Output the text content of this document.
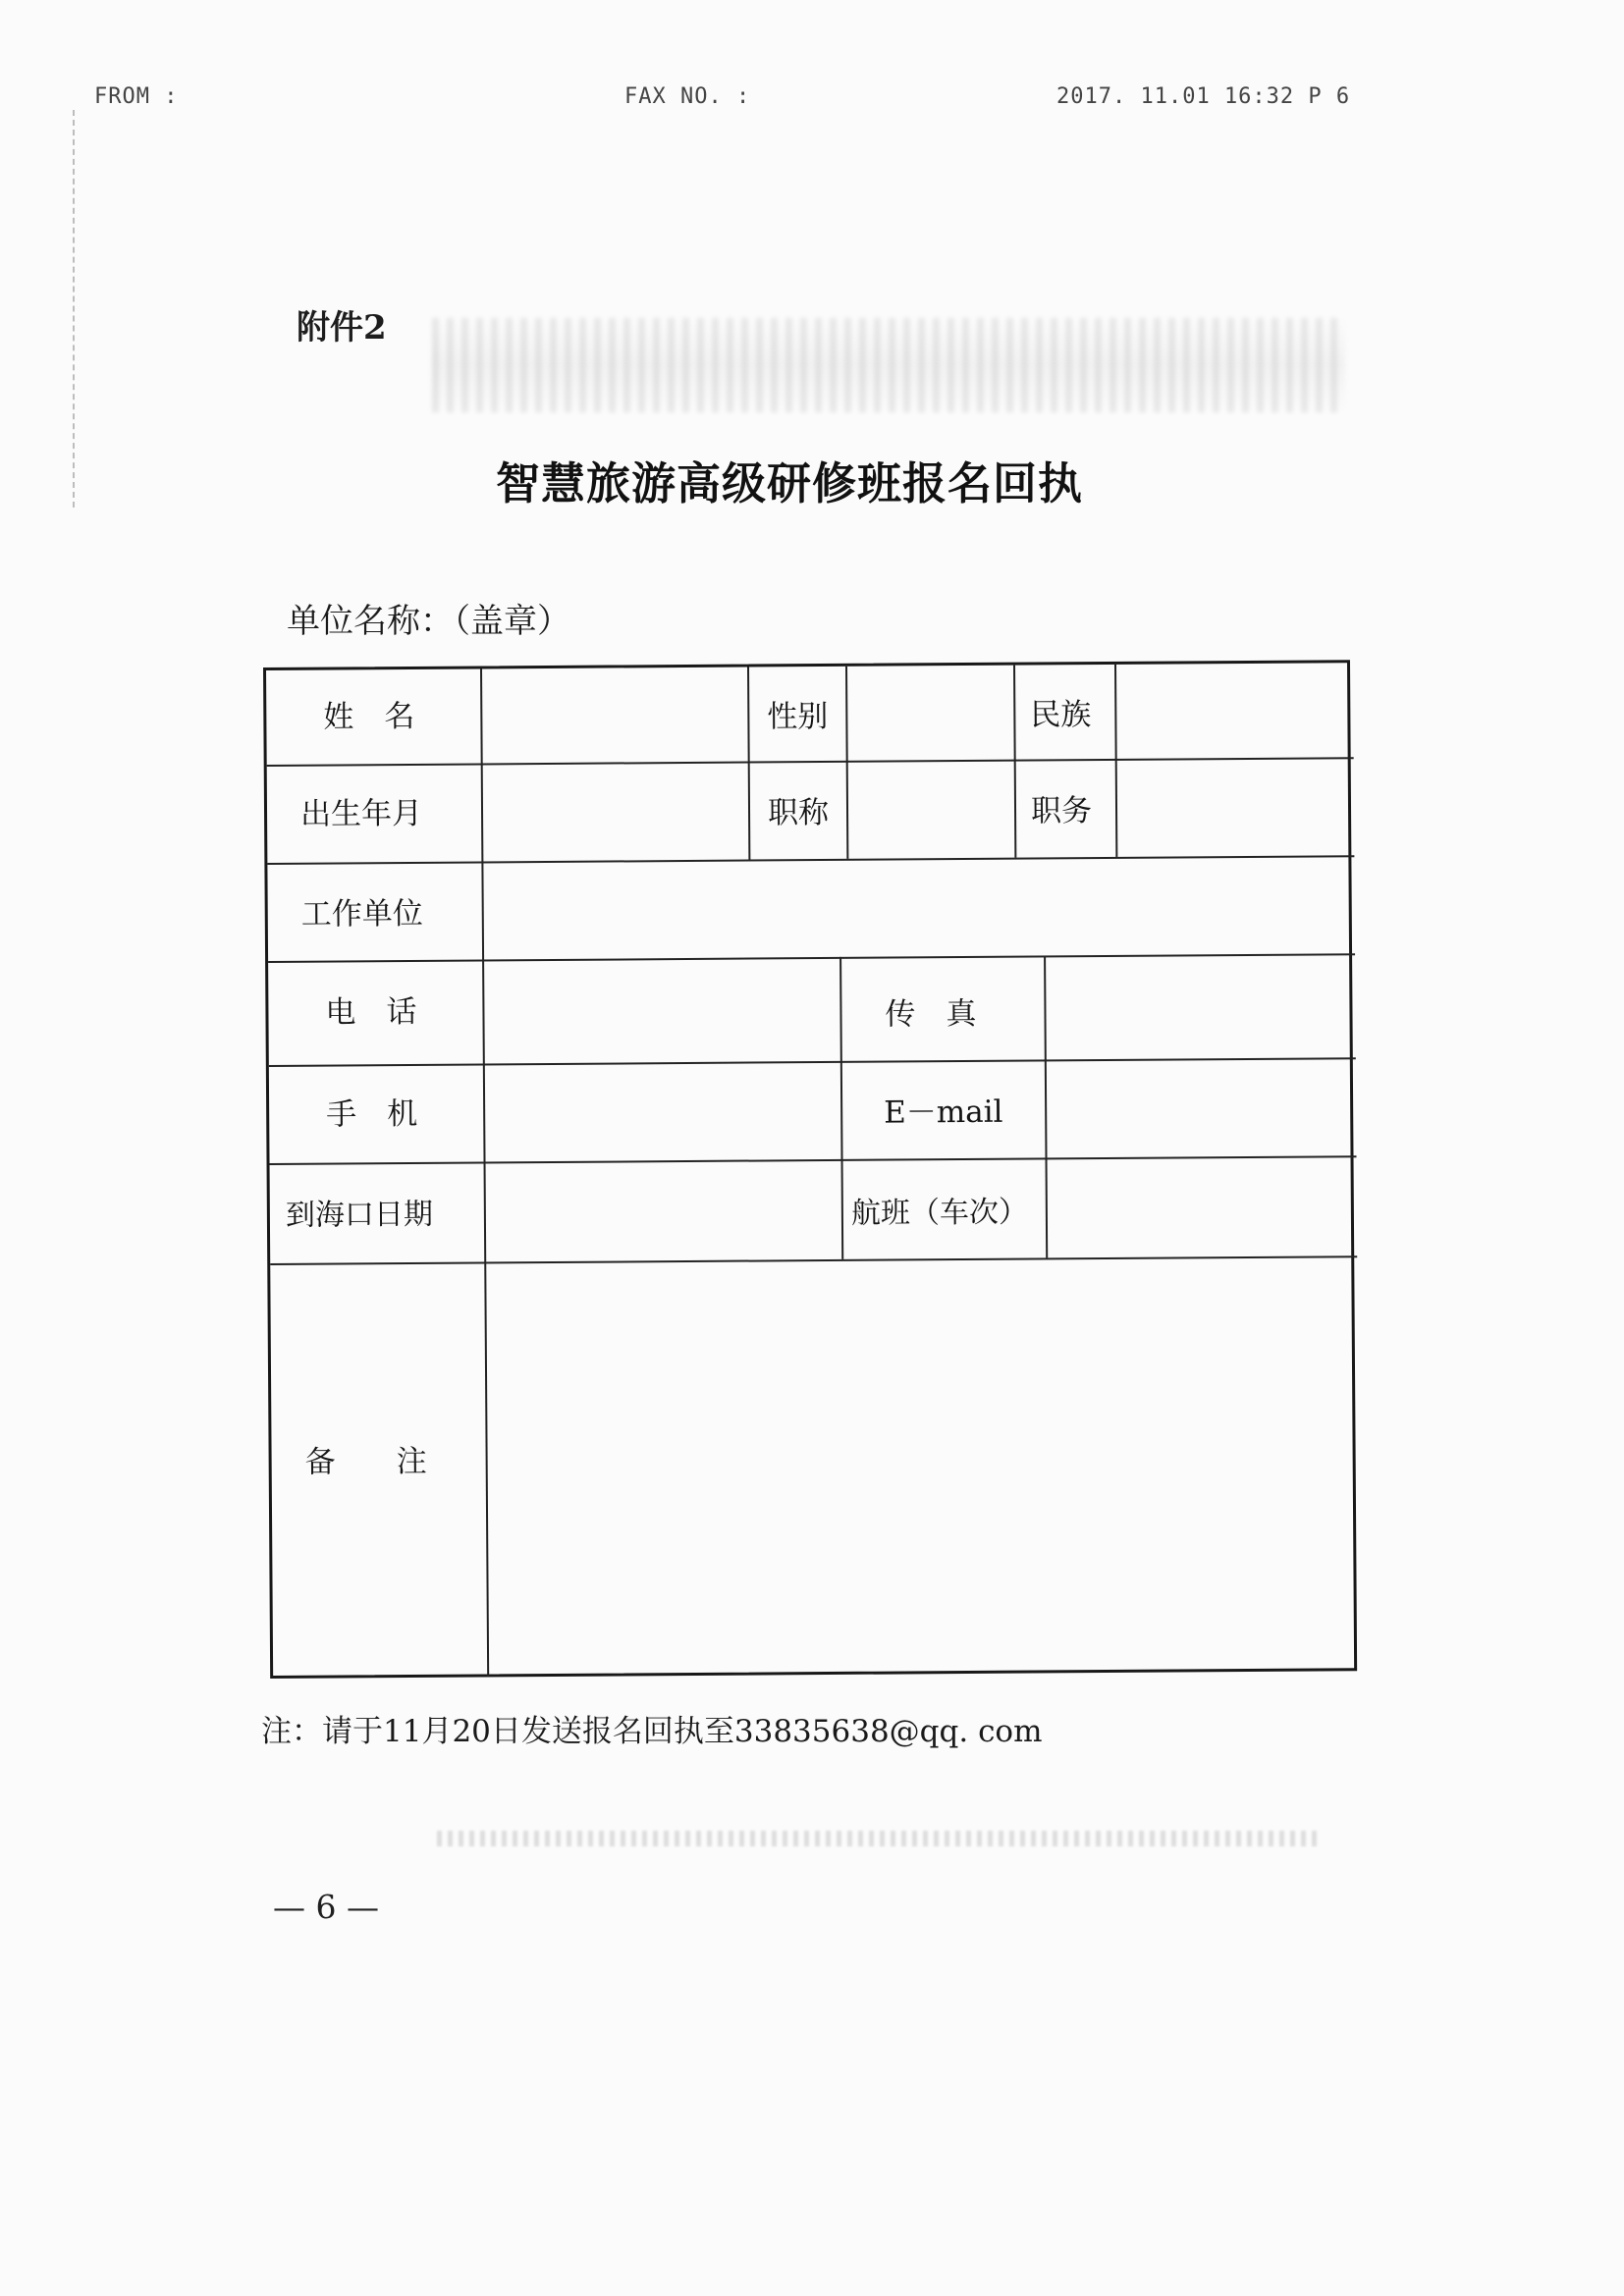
FROM :	FAX NO. :	2017. 11.01 16:32 P 6
附件2
智慧旅游高级研修班报名回执
单位名称：（盖章）
姓　名	性别	民族
出生年月	职称	职务
工作单位
电　话	传　真
手　机	E－mail
到海口日期	航班（车次）
备　　注
注：请于11月20日发送报名回执至33835638@qq. com
— 6 —
